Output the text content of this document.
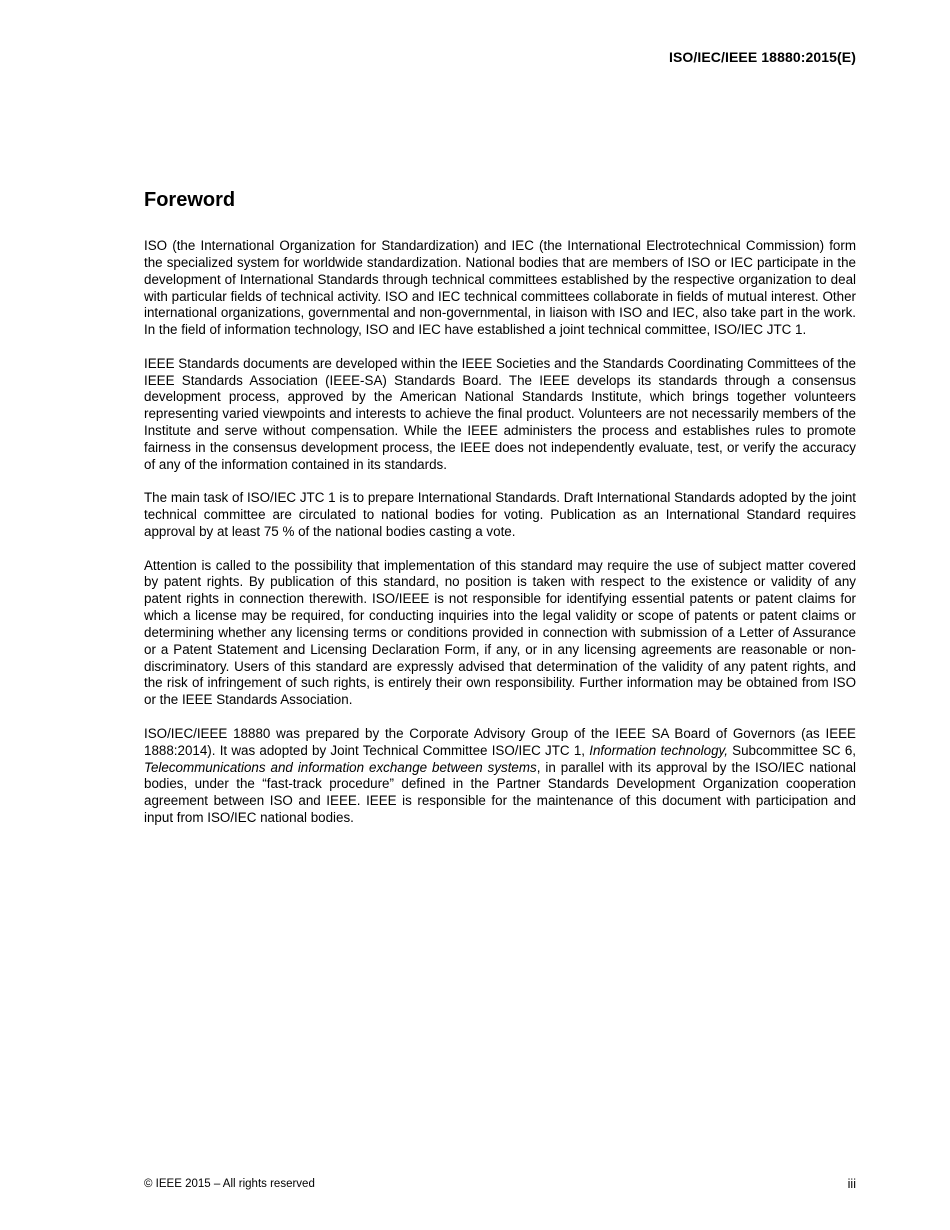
ISO/IEC/IEEE 18880:2015(E)
Foreword

ISO (the International Organization for Standardization) and IEC (the International Electrotechnical Commission) form the specialized system for worldwide standardization. National bodies that are members of ISO or IEC participate in the development of International Standards through technical committees established by the respective organization to deal with particular fields of technical activity. ISO and IEC technical committees collaborate in fields of mutual interest. Other international organizations, governmental and non-governmental, in liaison with ISO and IEC, also take part in the work. In the field of information technology, ISO and IEC have established a joint technical committee, ISO/IEC JTC 1.

IEEE Standards documents are developed within the IEEE Societies and the Standards Coordinating Committees of the IEEE Standards Association (IEEE-SA) Standards Board. The IEEE develops its standards through a consensus development process, approved by the American National Standards Institute, which brings together volunteers representing varied viewpoints and interests to achieve the final product. Volunteers are not necessarily members of the Institute and serve without compensation. While the IEEE administers the process and establishes rules to promote fairness in the consensus development process, the IEEE does not independently evaluate, test, or verify the accuracy of any of the information contained in its standards.

The main task of ISO/IEC JTC 1 is to prepare International Standards. Draft International Standards adopted by the joint technical committee are circulated to national bodies for voting. Publication as an International Standard requires approval by at least 75 % of the national bodies casting a vote.

Attention is called to the possibility that implementation of this standard may require the use of subject matter covered by patent rights. By publication of this standard, no position is taken with respect to the existence or validity of any patent rights in connection therewith. ISO/IEEE is not responsible for identifying essential patents or patent claims for which a license may be required, for conducting inquiries into the legal validity or scope of patents or patent claims or determining whether any licensing terms or conditions provided in connection with submission of a Letter of Assurance or a Patent Statement and Licensing Declaration Form, if any, or in any licensing agreements are reasonable or non-discriminatory. Users of this standard are expressly advised that determination of the validity of any patent rights, and the risk of infringement of such rights, is entirely their own responsibility. Further information may be obtained from ISO or the IEEE Standards Association.

ISO/IEC/IEEE 18880 was prepared by the Corporate Advisory Group of the IEEE SA Board of Governors (as IEEE 1888:2014). It was adopted by Joint Technical Committee ISO/IEC JTC 1, Information technology, Subcommittee SC 6, Telecommunications and information exchange between systems, in parallel with its approval by the ISO/IEC national bodies, under the “fast-track procedure” defined in the Partner Standards Development Organization cooperation agreement between ISO and IEEE. IEEE is responsible for the maintenance of this document with participation and input from ISO/IEC national bodies.

© IEEE 2015 – All rights reserved	iii
